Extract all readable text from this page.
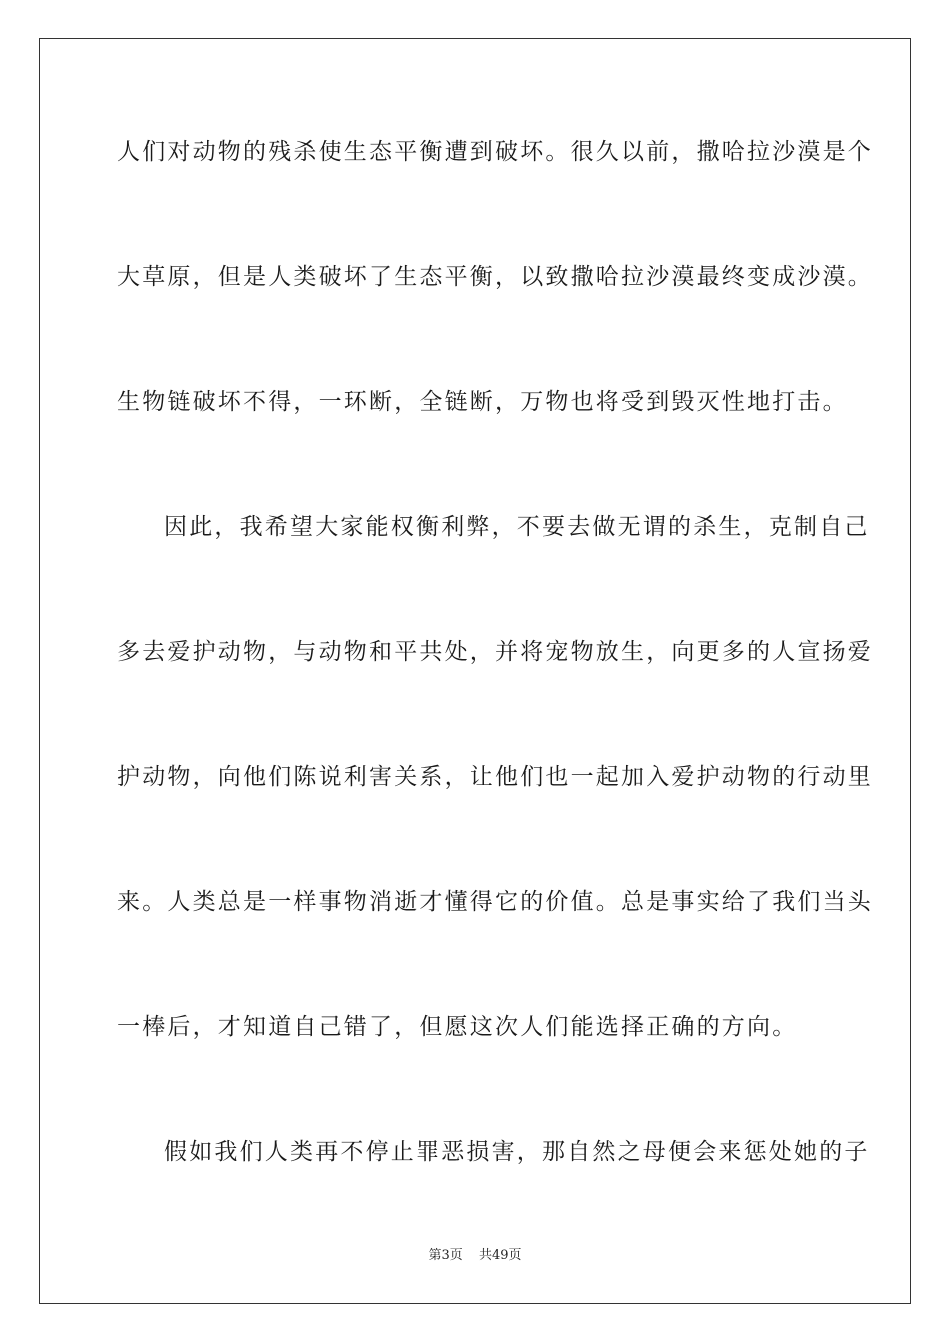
人们对动物的残杀使生态平衡遭到破坏。很久以前，撒哈拉沙漠是个
大草原，但是人类破坏了生态平衡，以致撒哈拉沙漠最终变成沙漠。
生物链破坏不得，一环断，全链断，万物也将受到毁灭性地打击。
因此，我希望大家能权衡利弊，不要去做无谓的杀生，克制自己
多去爱护动物，与动物和平共处，并将宠物放生，向更多的人宣扬爱
护动物，向他们陈说利害关系，让他们也一起加入爱护动物的行动里
来。人类总是一样事物消逝才懂得它的价值。总是事实给了我们当头
一棒后，才知道自己错了，但愿这次人们能选择正确的方向。
假如我们人类再不停止罪恶损害，那自然之母便会来惩处她的子
第3页 共49页
